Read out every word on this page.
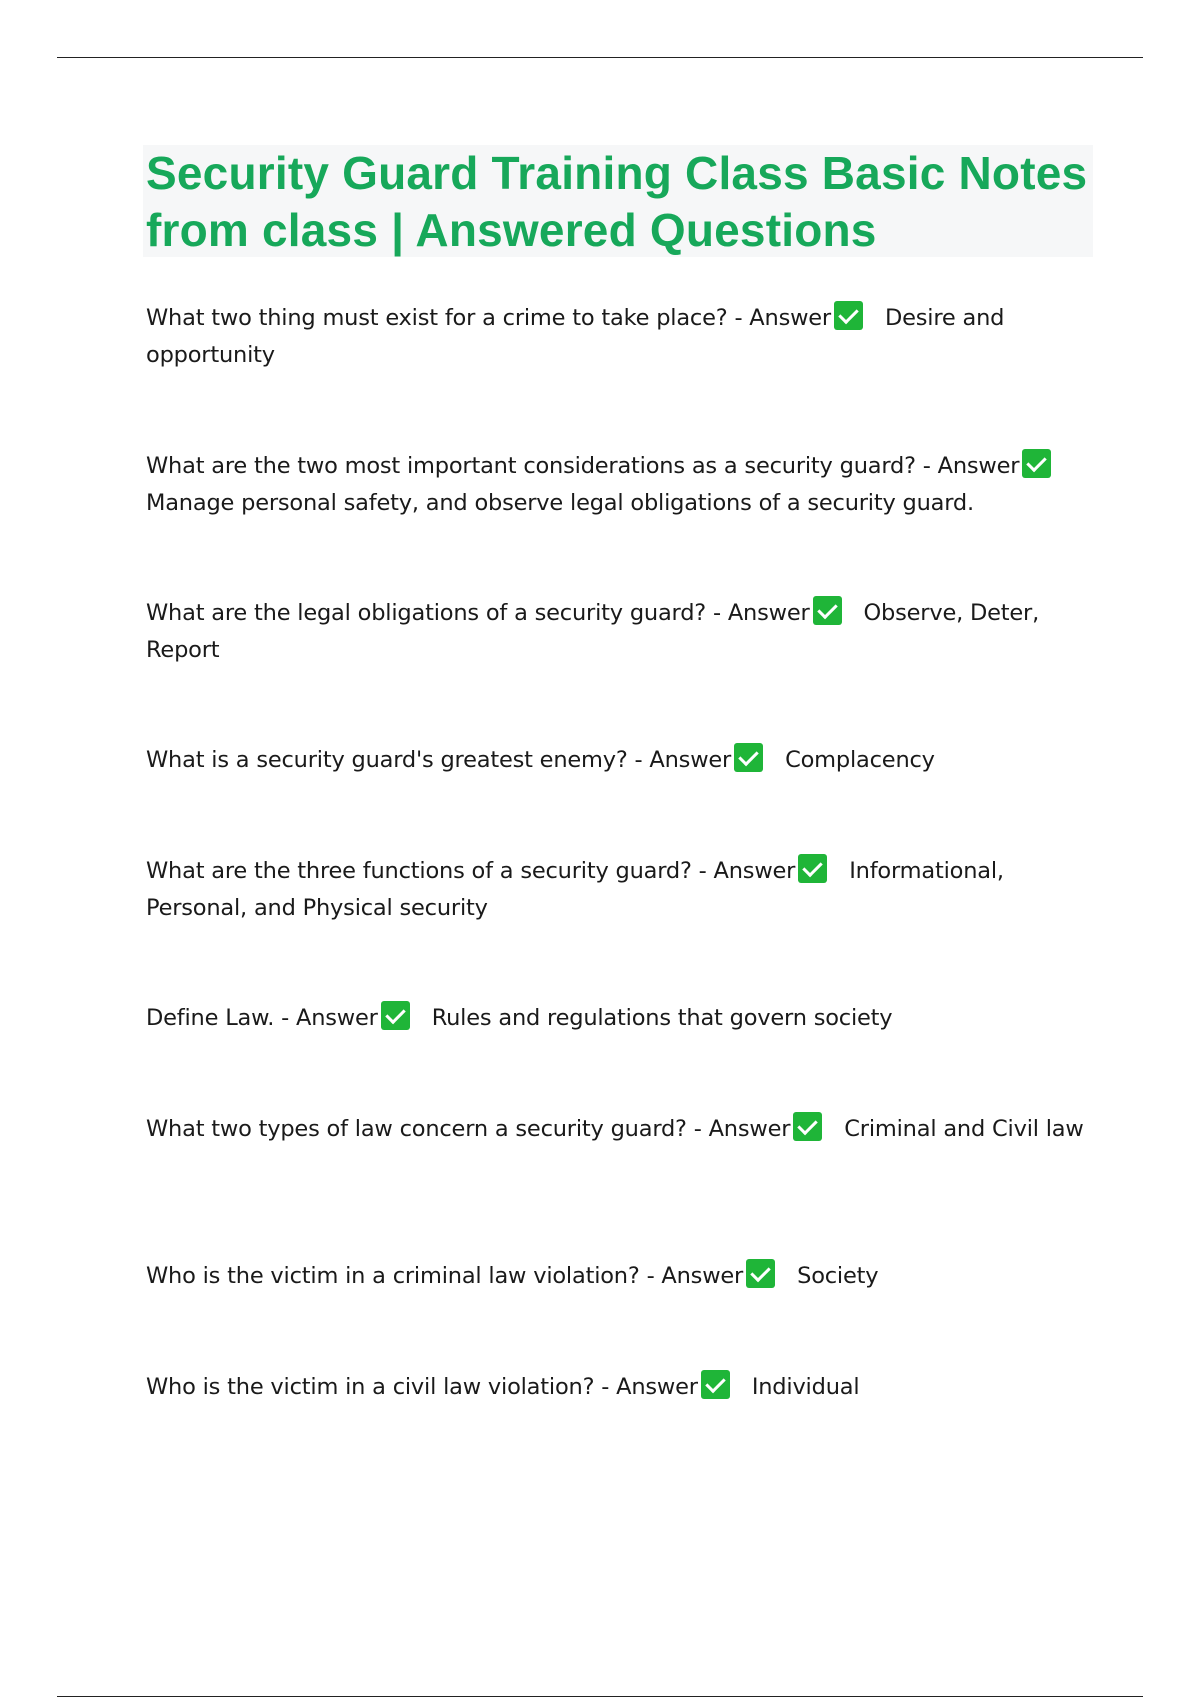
Security Guard Training Class Basic Notes from class | Answered Questions

What two thing must exist for a crime to take place? - Answer Desire and opportunity

What are the two most important considerations as a security guard? - Answer
Manage personal safety, and observe legal obligations of a security guard.

What are the legal obligations of a security guard? - Answer Observe, Deter, Report

What is a security guard's greatest enemy? - Answer Complacency

What are the three functions of a security guard? - Answer Informational, Personal, and Physical security

Define Law. - Answer Rules and regulations that govern society

What two types of law concern a security guard? - Answer Criminal and Civil law

Who is the victim in a criminal law violation? - Answer Society

Who is the victim in a civil law violation? - Answer Individual
